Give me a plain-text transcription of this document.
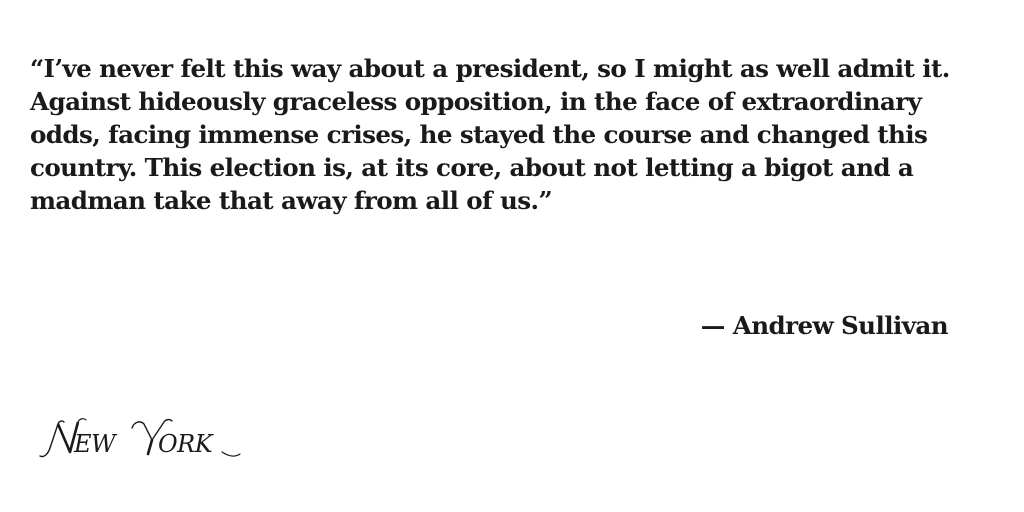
“I’ve never felt this way about a president, so I might as well admit it.
Against hideously graceless opposition, in the face of extraordinary
odds, facing immense crises, he stayed the course and changed this
country. This election is, at its core, about not letting a bigot and a
madman take that away from all of us.”

— Andrew Sullivan

EW ORK
